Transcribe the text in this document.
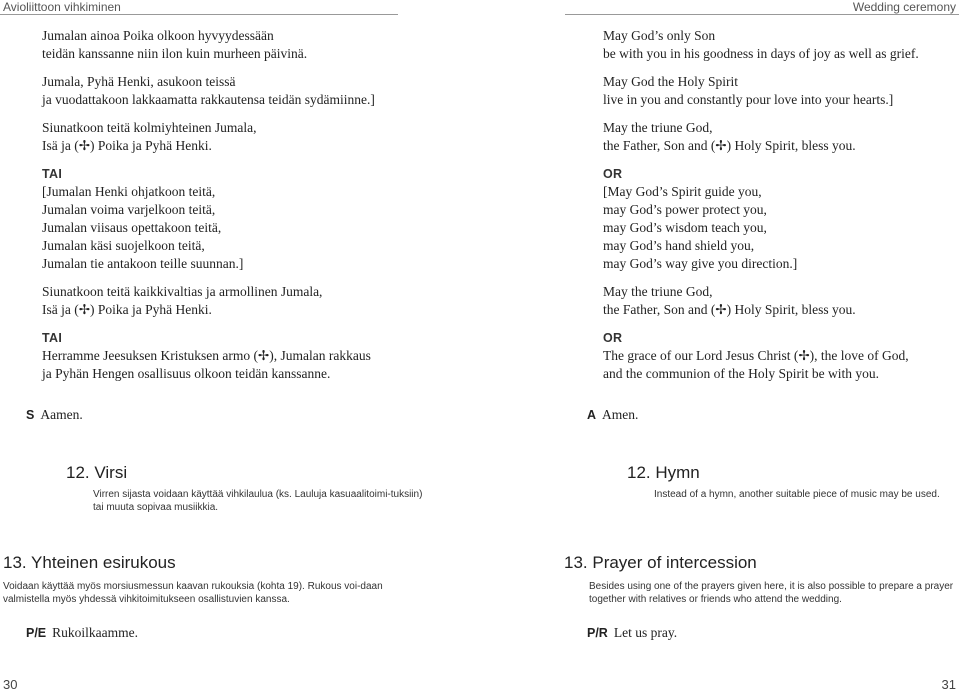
Avioliittoon vihkiminen	Wedding ceremony
Jumalan ainoa Poika olkoon hyvyydessään
teidän kanssanne niin ilon kuin murheen päivinä.
Jumala, Pyhä Henki, asukoon teissä
ja vuodattakoon lakkaamatta rakkautensa teidän sydämiinne.]
Siunatkoon teitä kolmiyhteinen Jumala,
Isä ja (✢) Poika ja Pyhä Henki.
TAI
[Jumalan Henki ohjatkoon teitä,
Jumalan voima varjelkoon teitä,
Jumalan viisaus opettakoon teitä,
Jumalan käsi suojelkoon teitä,
Jumalan tie antakoon teille suunnan.]
Siunatkoon teitä kaikkivaltias ja armollinen Jumala,
Isä ja (✢) Poika ja Pyhä Henki.
TAI
Herramme Jeesuksen Kristuksen armo (✢), Jumalan rakkaus
ja Pyhän Hengen osallisuus olkoon teidän kanssanne.
S Aamen.
May God’s only Son
be with you in his goodness in days of joy as well as grief.
May God the Holy Spirit
live in you and constantly pour love into your hearts.]
May the triune God,
the Father, Son and (✢) Holy Spirit, bless you.
OR
[May God’s Spirit guide you,
may God’s power protect you,
may God’s wisdom teach you,
may God’s hand shield you,
may God’s way give you direction.]
May the triune God,
the Father, Son and (✢) Holy Spirit, bless you.
OR
The grace of our Lord Jesus Christ (✢), the love of God,
and the communion of the Holy Spirit be with you.
A Amen.
12. Virsi
Virren sijasta voidaan käyttää vihkilaulua (ks. Lauluja kasuaalitoimi-tuksiin) tai muuta sopivaa musiikkia.
12. Hymn
Instead of a hymn, another suitable piece of music may be used.
13. Yhteinen esirukous
Voidaan käyttää myös morsiusmessun kaavan rukouksia (kohta 19). Rukous voi-daan valmistella myös yhdessä vihkitoimitukseen osallistuvien kanssa.
13. Prayer of intercession
Besides using one of the prayers given here, it is also possible to prepare a prayer together with relatives or friends who attend the wedding.
P/E Rukoilkaamme.	P/R Let us pray.
30	31
